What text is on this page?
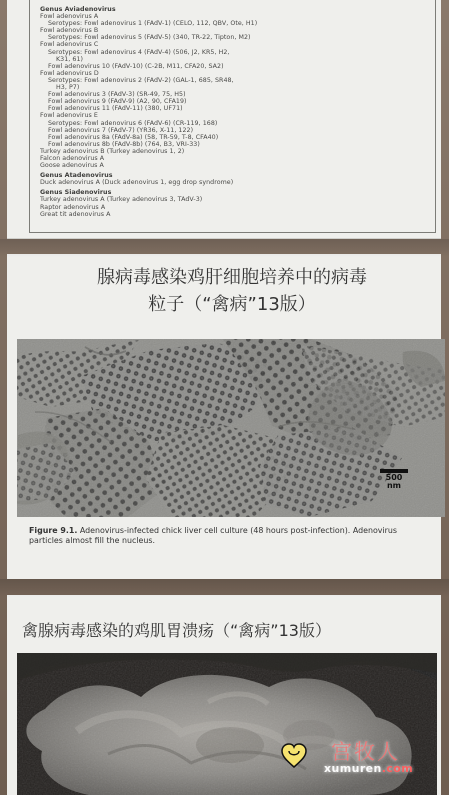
Genus Aviadenovirus
Fowl adenovirus A
Serotypes: Fowl adenovirus 1 (FAdV-1) (CELO, 112, QBV, Ote, H1)
Fowl adenovirus B
Serotypes: Fowl adenovirus 5 (FAdV-5) (340, TR-22, Tipton, M2)
Fowl adenovirus C
Serotypes: Fowl adenovirus 4 (FAdV-4) (506, J2, KR5, H2,
K31, 61)
Fowl adenovirus 10 (FAdV-10) (C-2B, M11, CFA20, SA2)
Fowl adenovirus D
Serotypes: Fowl adenovirus 2 (FAdV-2) (GAL-1, 685, SR48,
H3, P7)
Fowl adenovirus 3 (FAdV-3) (SR-49, 75, H5)
Fowl adenovirus 9 (FAdV-9) (A2, 90, CFA19)
Fowl adenovirus 11 (FAdV-11) (380, UF71)
Fowl adenovirus E
Serotypes: Fowl adenovirus 6 (FAdV-6) (CR-119, 168)
Fowl adenovirus 7 (FAdV-7) (YR36, X-11, 122)
Fowl adenovirus 8a (FAdV-8a) (58, TR-59, T-8, CFA40)
Fowl adenovirus 8b (FAdV-8b) (764, B3, VRI-33)
Turkey adenovirus B (Turkey adenovirus 1, 2)
Falcon adenovirus A
Goose adenovirus A
Genus Atadenovirus
Duck adenovirus A (Duck adenovirus 1, egg drop syndrome)
Genus Siadenovirus
Turkey adenovirus A (Turkey adenovirus 3, TAdV-3)
Raptor adenovirus A
Great tit adenovirus A
腺病毒感染鸡肝细胞培养中的病毒
粒子（“禽病”13版）
500
nm
Figure 9.1. Adenovirus-infected chick liver cell culture (48 hours post-infection). Adenovirus particles almost fill the nucleus.
禽腺病毒感染的鸡肌胃溃疡（“禽病”13版）
宫牧人
xumuren.com
